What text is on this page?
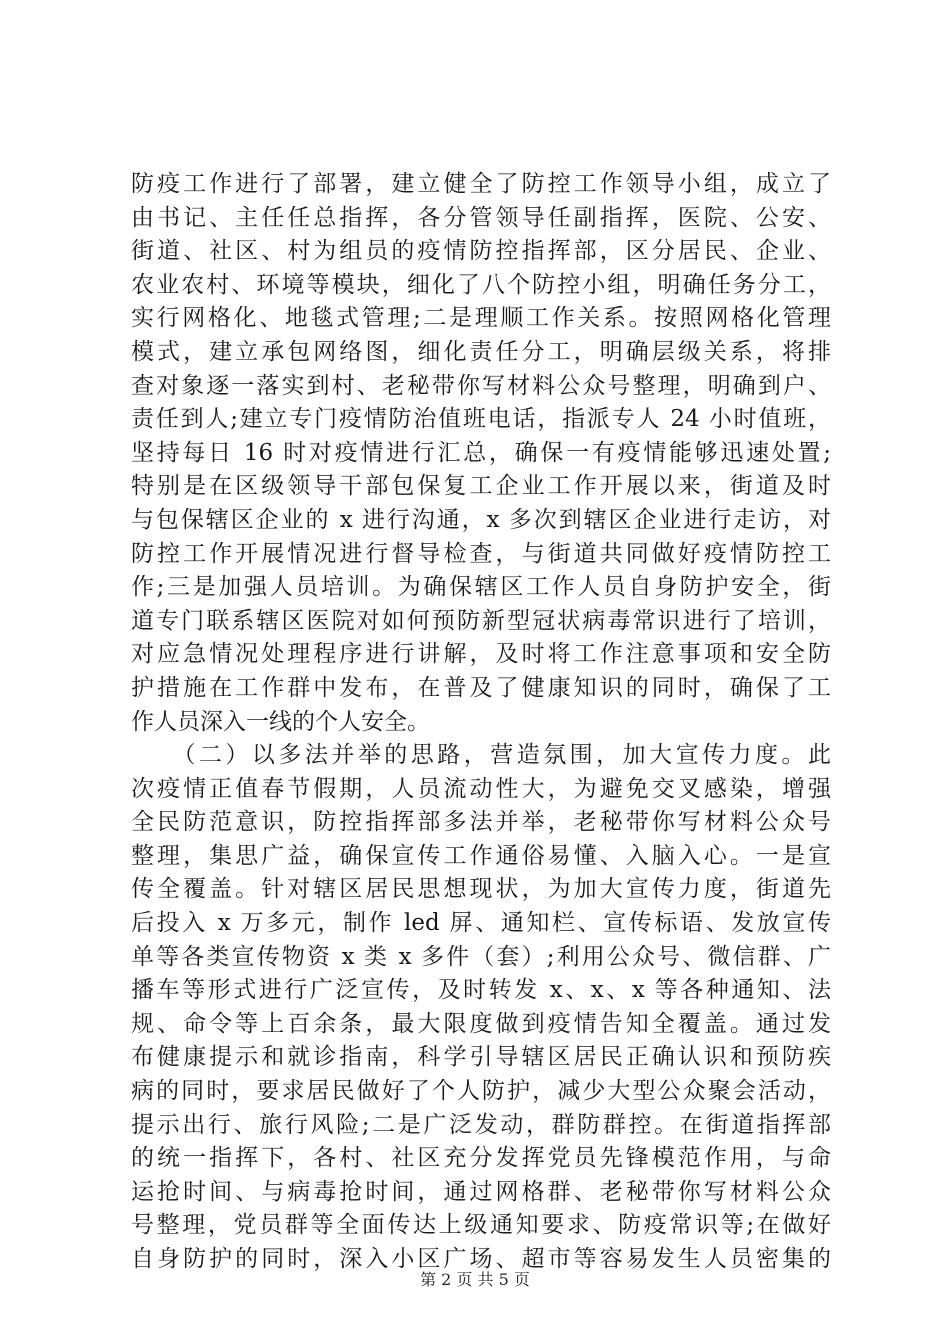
防疫工作进行了部署，建立健全了防控工作领导小组，成立了
由书记、主任任总指挥，各分管领导任副指挥，医院、公安、
街道、社区、村为组员的疫情防控指挥部，区分居民、企业、
农业农村、环境等模块，细化了八个防控小组，明确任务分工，
实行网格化、地毯式管理;二是理顺工作关系。按照网格化管理
模式，建立承包网络图，细化责任分工，明确层级关系，将排
查对象逐一落实到村、老秘带你写材料公众号整理，明确到户、
责任到人;建立专门疫情防治值班电话，指派专人 24 小时值班，
坚持每日 16 时对疫情进行汇总，确保一有疫情能够迅速处置;
特别是在区级领导干部包保复工企业工作开展以来，街道及时
与包保辖区企业的 x 进行沟通，x 多次到辖区企业进行走访，对
防控工作开展情况进行督导检查，与街道共同做好疫情防控工
作;三是加强人员培训。为确保辖区工作人员自身防护安全，街
道专门联系辖区医院对如何预防新型冠状病毒常识进行了培训，
对应急情况处理程序进行讲解，及时将工作注意事项和安全防
护措施在工作群中发布，在普及了健康知识的同时，确保了工
作人员深入一线的个人安全。
　　（二）以多法并举的思路，营造氛围，加大宣传力度。此
次疫情正值春节假期，人员流动性大，为避免交叉感染，增强
全民防范意识，防控指挥部多法并举，老秘带你写材料公众号
整理，集思广益，确保宣传工作通俗易懂、入脑入心。一是宣
传全覆盖。针对辖区居民思想现状，为加大宣传力度，街道先
后投入 x 万多元，制作 led 屏、通知栏、宣传标语、发放宣传
单等各类宣传物资 x 类 x 多件（套）;利用公众号、微信群、广
播车等形式进行广泛宣传，及时转发 x、x、x 等各种通知、法
规、命令等上百余条，最大限度做到疫情告知全覆盖。通过发
布健康提示和就诊指南，科学引导辖区居民正确认识和预防疾
病的同时，要求居民做好了个人防护，减少大型公众聚会活动，
提示出行、旅行风险;二是广泛发动，群防群控。在街道指挥部
的统一指挥下，各村、社区充分发挥党员先锋模范作用，与命
运抢时间、与病毒抢时间，通过网格群、老秘带你写材料公众
号整理，党员群等全面传达上级通知要求、防疫常识等;在做好
自身防护的同时，深入小区广场、超市等容易发生人员密集的
第 2 页 共 5 页
